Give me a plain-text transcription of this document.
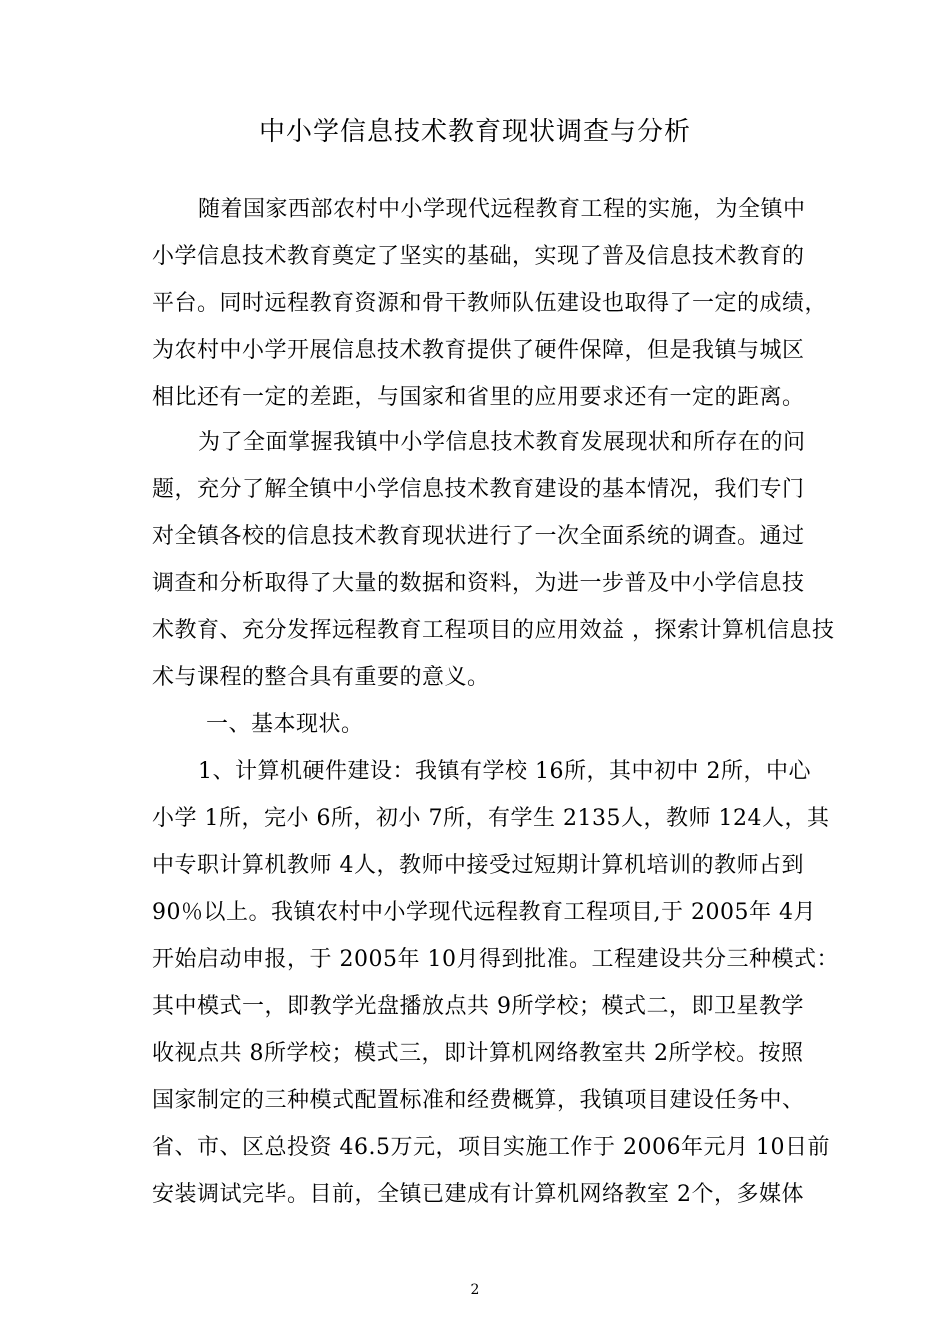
中小学信息技术教育现状调查与分析
随着国家西部农村中小学现代远程教育工程的实施，为全镇中
小学信息技术教育奠定了坚实的基础，实现了普及信息技术教育的
平台。同时远程教育资源和骨干教师队伍建设也取得了一定的成绩，
为农村中小学开展信息技术教育提供了硬件保障，但是我镇与城区
相比还有一定的差距，与国家和省里的应用要求还有一定的距离。
为了全面掌握我镇中小学信息技术教育发展现状和所存在的问
题，充分了解全镇中小学信息技术教育建设的基本情况，我们专门
对全镇各校的信息技术教育现状进行了一次全面系统的调查。通过
调查和分析取得了大量的数据和资料，为进一步普及中小学信息技
术教育、充分发挥远程教育工程项目的应用效益 ，探索计算机信息技
术与课程的整合具有重要的意义。
一、基本现状。
1、计算机硬件建设：我镇有学校 16所，其中初中 2所，中心
小学 1所，完小 6所，初小 7所，有学生 2135人，教师 124人，其
中专职计算机教师 4人，教师中接受过短期计算机培训的教师占到
90％以上。我镇农村中小学现代远程教育工程项目,于 2005年 4月
开始启动申报，于 2005年 10月得到批准。工程建设共分三种模式：
其中模式一，即教学光盘播放点共 9所学校；模式二，即卫星教学
收视点共 8所学校；模式三，即计算机网络教室共 2所学校。按照
国家制定的三种模式配置标准和经费概算，我镇项目建设任务中、
省、市、区总投资 46.5万元，项目实施工作于 2006年元月 10日前
安装调试完毕。目前，全镇已建成有计算机网络教室 2个，多媒体
2
